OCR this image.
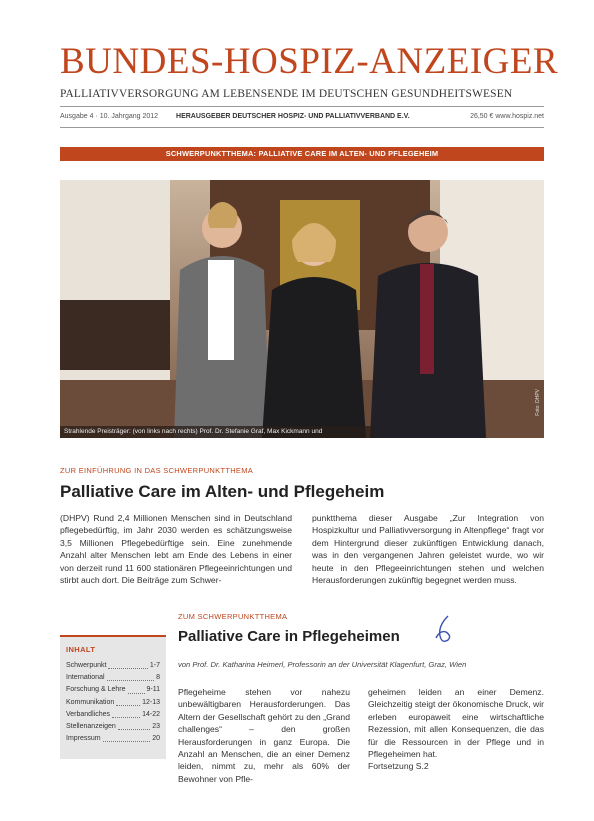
BUNDES-HOSPIZ-ANZEIGER
PALLIATIVVERSORGUNG AM LEBENSENDE IM DEUTSCHEN GESUNDHEITSWESEN
Ausgabe 4 · 10. Jahrgang 2012	HERAUSGEBER DEUTSCHER HOSPIZ- UND PALLIATIVVERBAND E.V.	26,50 € www.hospiz.net
SCHWERPUNKTTHEMA: PALLIATIVE CARE IM ALTEN- UND PFLEGEHEIM
Strahlende Preisträger: (von links nach rechts) Prof. Dr. Stefanie Graf, Max Kickmann und
Foto: DHPV
ZUR EINFÜHRUNG IN DAS SCHWERPUNKTTHEMA
Palliative Care im Alten- und Pflegeheim

(DHPV) Rund 2,4 Millionen Menschen sind in Deutschland pflegebedürftig, im Jahr 2030 werden es schätzungsweise 3,5 Millionen Pflegebedürftige sein. Eine zunehmende Anzahl alter Menschen lebt am Ende des Lebens in einer von derzeit rund 11 600 stationären Pflegeeinrichtungen und stirbt auch dort. Die Beiträge zum Schwer-

punktthema dieser Ausgabe „Zur Integration von Hospizkultur und Palliativversorgung in Altenpflege“ fragt vor dem Hintergrund dieser zukünftigen Entwicklung danach, was in den vergangenen Jahren geleistet wurde, wo wir heute in den Pflegeeinrichtungen stehen und welchen Herausforderungen zukünftig begegnet werden muss.

ZUM SCHWERPUNKTTHEMA
Palliative Care in Pflegeheimen
von Prof. Dr. Katharina Heimerl, Professorin an der Universität Klagenfurt, Graz, Wien

Pflegeheime stehen vor nahezu unbewältigbaren Herausforderungen. Das Altern der Gesellschaft gehört zu den „Grand challenges“ – den großen Herausforderungen in ganz Europa. Die Anzahl an Menschen, die an einer Demenz leiden, nimmt zu, mehr als 60% der Bewohner von Pfle-

geheimen leiden an einer Demenz. Gleichzeitig steigt der ökonomische Druck, wir erleben europaweit eine wirtschaftliche Rezession, mit allen Konsequenzen, die das für die Ressourcen in der Pflege und in Pflegeheimen hat.

Fortsetzung S.2
INHALT
Schwerpunkt	1-7
International	8
Forschung & Lehre	9-11
Kommunikation	12-13
Verbandliches	14-22
Stellenanzeigen	23
Impressum	20
